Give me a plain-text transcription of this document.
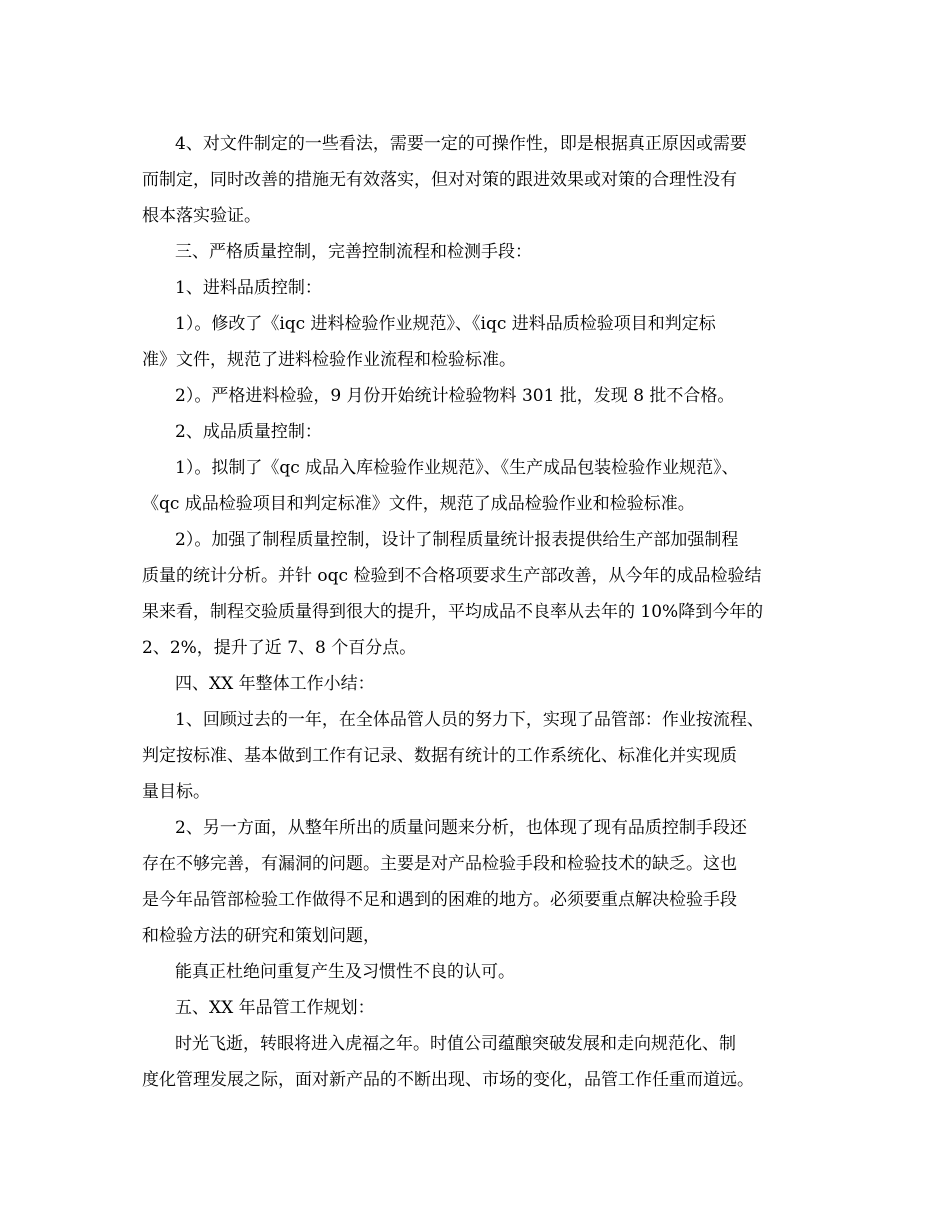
4、对文件制定的一些看法，需要一定的可操作性，即是根据真正原因或需要
而制定，同时改善的措施无有效落实，但对对策的跟进效果或对策的合理性没有
根本落实验证。
三、严格质量控制，完善控制流程和检测手段：
1、进料品质控制：
1）。修改了《iqc 进料检验作业规范》、《iqc 进料品质检验项目和判定标
准》文件，规范了进料检验作业流程和检验标准。
2）。严格进料检验，9 月份开始统计检验物料 301 批，发现 8 批不合格。
2、成品质量控制：
1）。拟制了《qc 成品入库检验作业规范》、《生产成品包装检验作业规范》、
《qc 成品检验项目和判定标准》文件，规范了成品检验作业和检验标准。
2）。加强了制程质量控制，设计了制程质量统计报表提供给生产部加强制程
质量的统计分析。并针 oqc 检验到不合格项要求生产部改善，从今年的成品检验结
果来看，制程交验质量得到很大的提升，平均成品不良率从去年的 10%降到今年的
2、2%，提升了近 7、8 个百分点。
四、XX 年整体工作小结：
1、回顾过去的一年，在全体品管人员的努力下，实现了品管部：作业按流程、
判定按标准、基本做到工作有记录、数据有统计的工作系统化、标准化并实现质
量目标。
2、另一方面，从整年所出的质量问题来分析，也体现了现有品质控制手段还
存在不够完善，有漏洞的问题。主要是对产品检验手段和检验技术的缺乏。这也
是今年品管部检验工作做得不足和遇到的困难的地方。必须要重点解决检验手段
和检验方法的研究和策划问题，
能真正杜绝问重复产生及习惯性不良的认可。
五、XX 年品管工作规划：
时光飞逝，转眼将进入虎福之年。时值公司蕴酿突破发展和走向规范化、制
度化管理发展之际，面对新产品的不断出现、市场的变化，品管工作任重而道远。
